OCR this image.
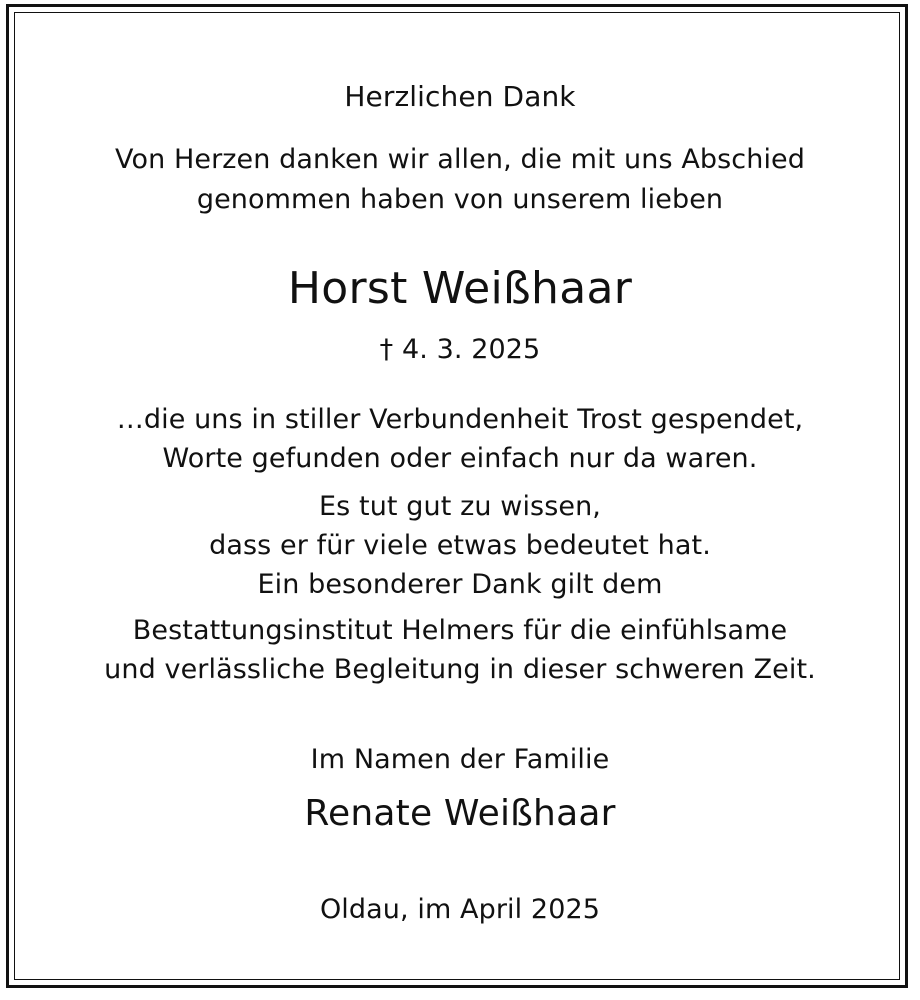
Herzlichen Dank
Von Herzen danken wir allen, die mit uns Abschied
genommen haben von unserem lieben
Horst Weißhaar
† 4. 3. 2025
…die uns in stiller Verbundenheit Trost gespendet,
Worte gefunden oder einfach nur da waren.
Es tut gut zu wissen,
dass er für viele etwas bedeutet hat.
Ein besonderer Dank gilt dem
Bestattungsinstitut Helmers für die einfühlsame
und verlässliche Begleitung in dieser schweren Zeit.
Im Namen der Familie
Renate Weißhaar
Oldau, im April 2025
